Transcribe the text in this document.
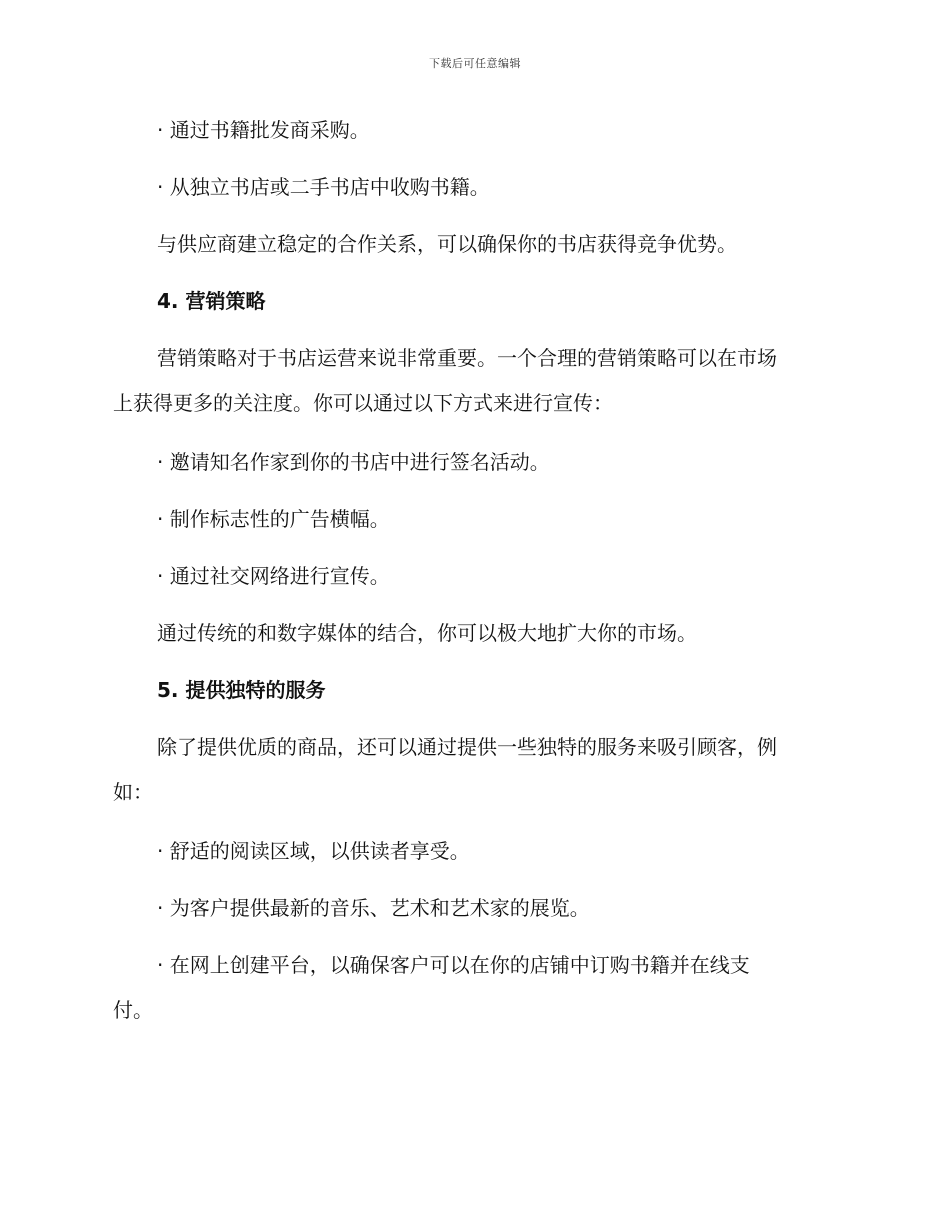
下载后可任意编辑
· 通过书籍批发商采购。
· 从独立书店或二手书店中收购书籍。
与供应商建立稳定的合作关系，可以确保你的书店获得竞争优势。
4. 营销策略
营销策略对于书店运营来说非常重要。一个合理的营销策略可以在市场
上获得更多的关注度。你可以通过以下方式来进行宣传：
· 邀请知名作家到你的书店中进行签名活动。
· 制作标志性的广告横幅。
· 通过社交网络进行宣传。
通过传统的和数字媒体的结合，你可以极大地扩大你的市场。
5. 提供独特的服务
除了提供优质的商品，还可以通过提供一些独特的服务来吸引顾客，例
如：
· 舒适的阅读区域，以供读者享受。
· 为客户提供最新的音乐、艺术和艺术家的展览。
· 在网上创建平台，以确保客户可以在你的店铺中订购书籍并在线支
付。
